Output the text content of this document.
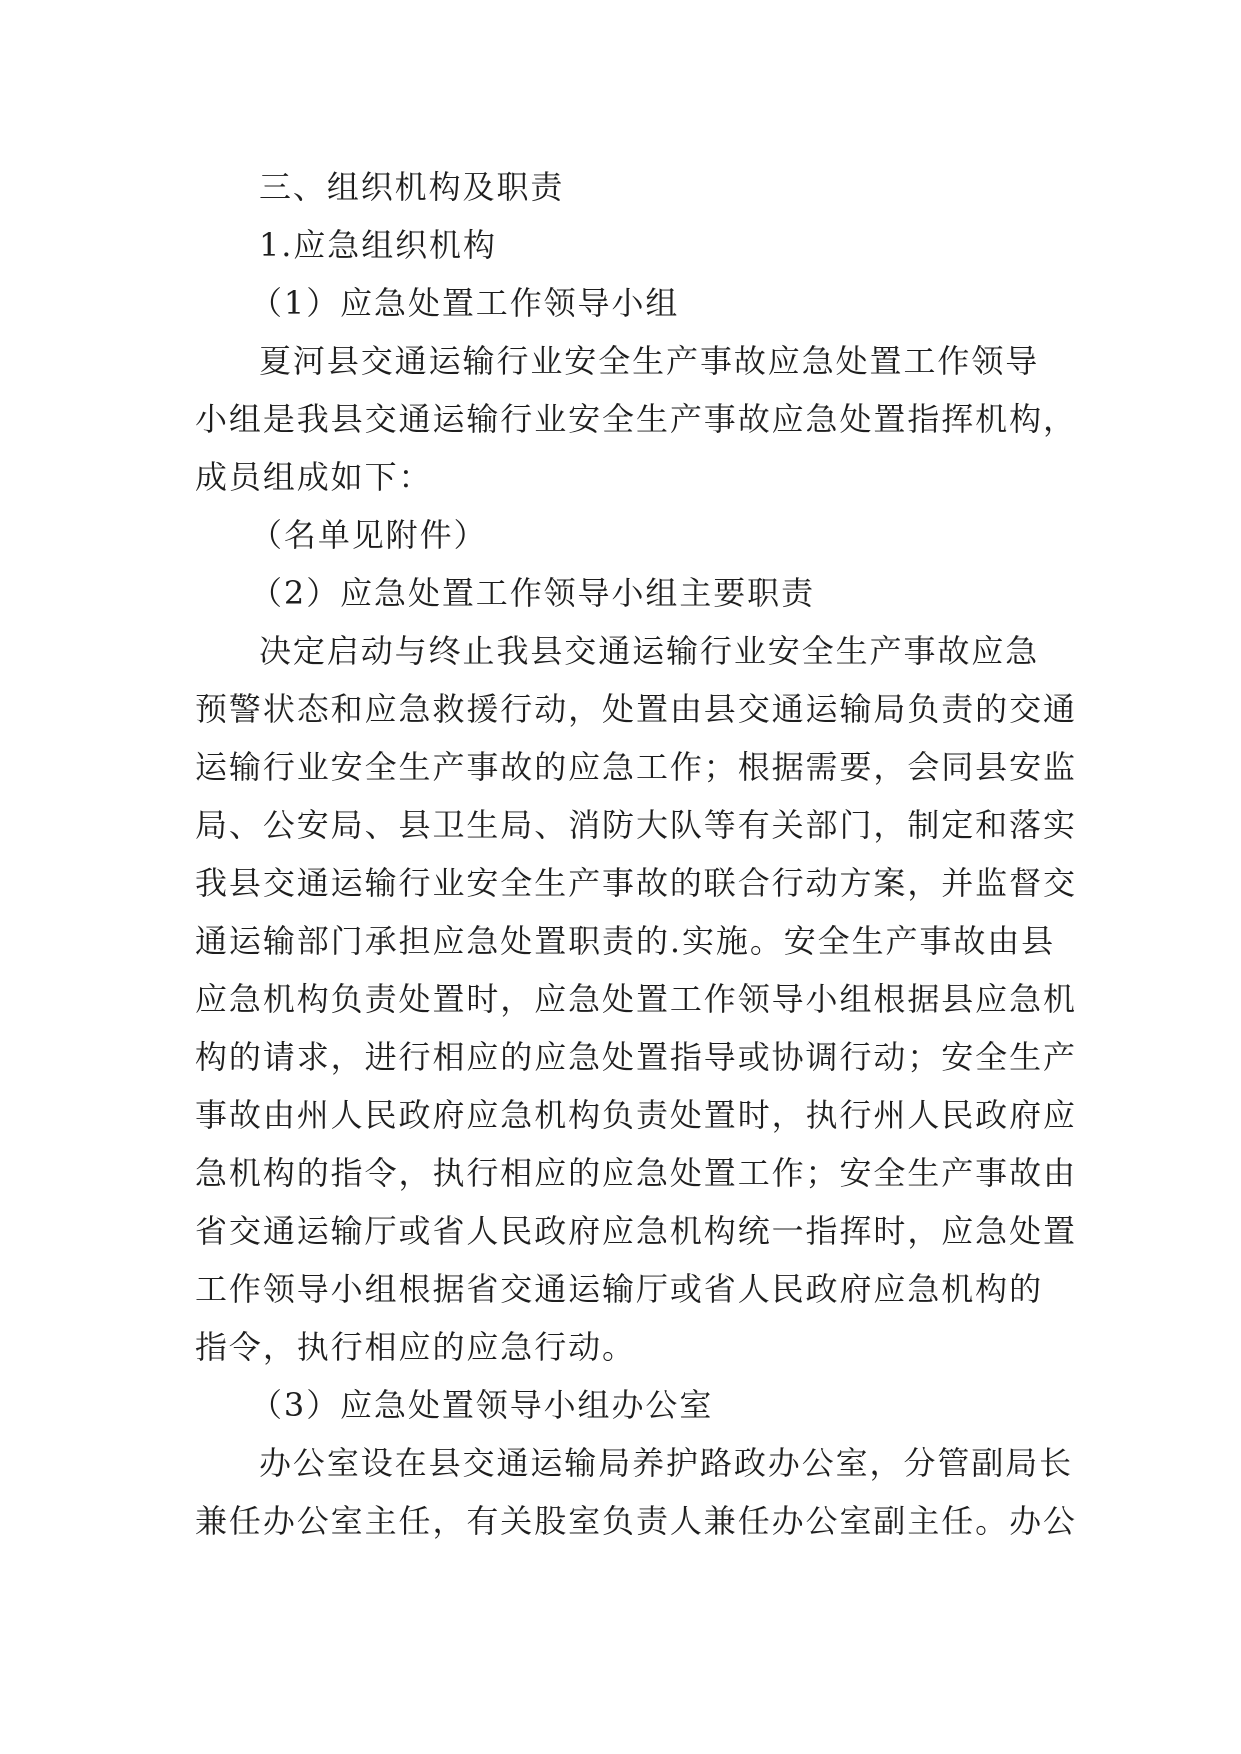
三、组织机构及职责
1.应急组织机构
（1）应急处置工作领导小组
夏河县交通运输行业安全生产事故应急处置工作领导
小组是我县交通运输行业安全生产事故应急处置指挥机构，
成员组成如下：
（名单见附件）
（2）应急处置工作领导小组主要职责
决定启动与终止我县交通运输行业安全生产事故应急
预警状态和应急救援行动，处置由县交通运输局负责的交通
运输行业安全生产事故的应急工作；根据需要，会同县安监
局、公安局、县卫生局、消防大队等有关部门，制定和落实
我县交通运输行业安全生产事故的联合行动方案，并监督交
通运输部门承担应急处置职责的.实施。安全生产事故由县
应急机构负责处置时，应急处置工作领导小组根据县应急机
构的请求，进行相应的应急处置指导或协调行动；安全生产
事故由州人民政府应急机构负责处置时，执行州人民政府应
急机构的指令，执行相应的应急处置工作；安全生产事故由
省交通运输厅或省人民政府应急机构统一指挥时，应急处置
工作领导小组根据省交通运输厅或省人民政府应急机构的
指令，执行相应的应急行动。
（3）应急处置领导小组办公室
办公室设在县交通运输局养护路政办公室，分管副局长
兼任办公室主任，有关股室负责人兼任办公室副主任。办公
